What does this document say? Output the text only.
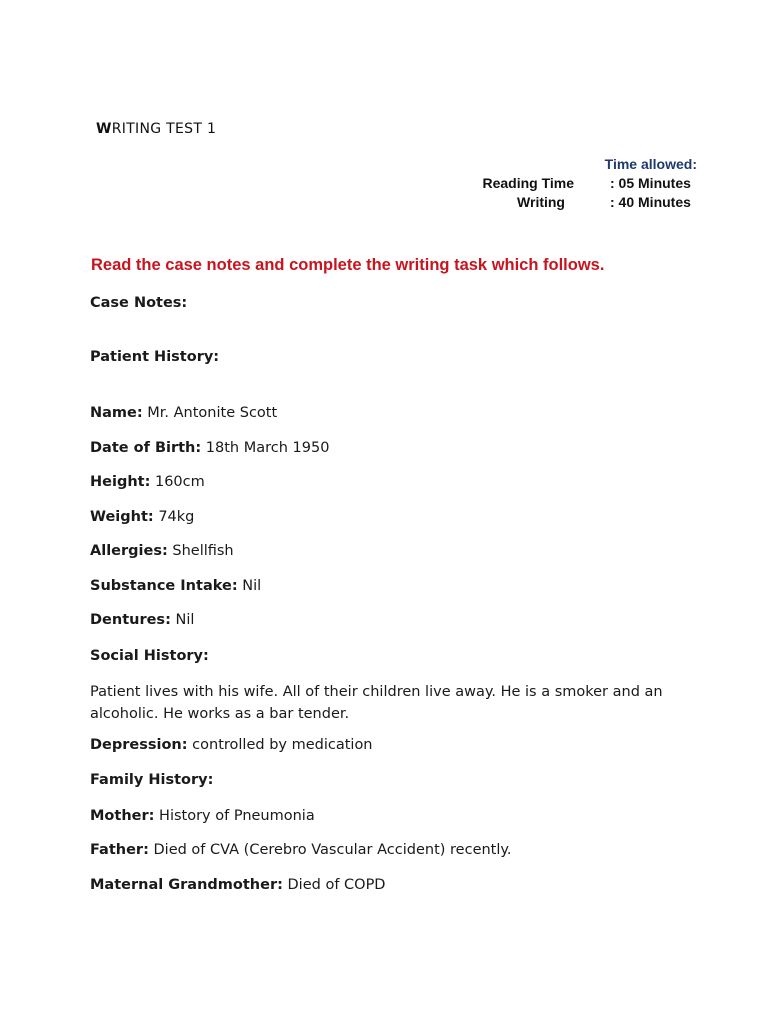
WRITING TEST 1
Time allowed:
Reading Time	: 05 Minutes
Writing	: 40 Minutes
Read the case notes and complete the writing task which follows.
Case Notes:
Patient History:
Name: Mr. Antonite Scott
Date of Birth: 18th March 1950
Height: 160cm
Weight: 74kg
Allergies: Shellfish
Substance Intake: Nil
Dentures: Nil
Social History:
Patient lives with his wife. All of their children live away. He is a smoker and an alcoholic. He works as a bar tender.
Depression: controlled by medication
Family History:
Mother: History of Pneumonia
Father: Died of CVA (Cerebro Vascular Accident) recently.
Maternal Grandmother: Died of COPD
